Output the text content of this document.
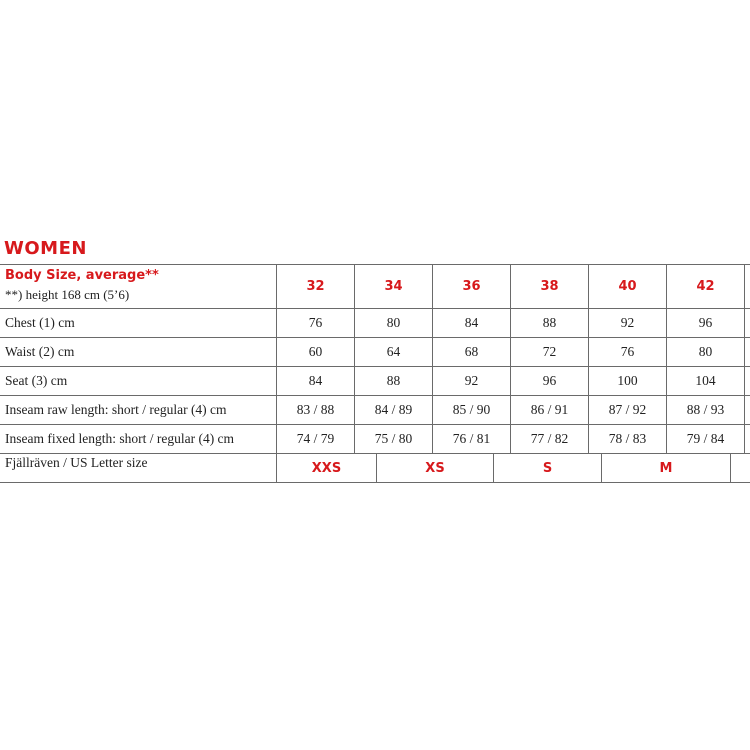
WOMEN
Body Size, average**
**) height 168 cm (5’6)
32	34	36	38	40	42
Chest (1) cm	76	80	84	88	92	96
Waist (2) cm	60	64	68	72	76	80
Seat (3) cm	84	88	92	96	100	104
Inseam raw length: short / regular (4) cm	83 / 88	84 / 89	85 / 90	86 / 91	87 / 92	88 / 93
Inseam fixed length: short / regular (4) cm	74 / 79	75 / 80	76 / 81	77 / 82	78 / 83	79 / 84
Fjällräven / US Letter size	XXS	XS	S	M
